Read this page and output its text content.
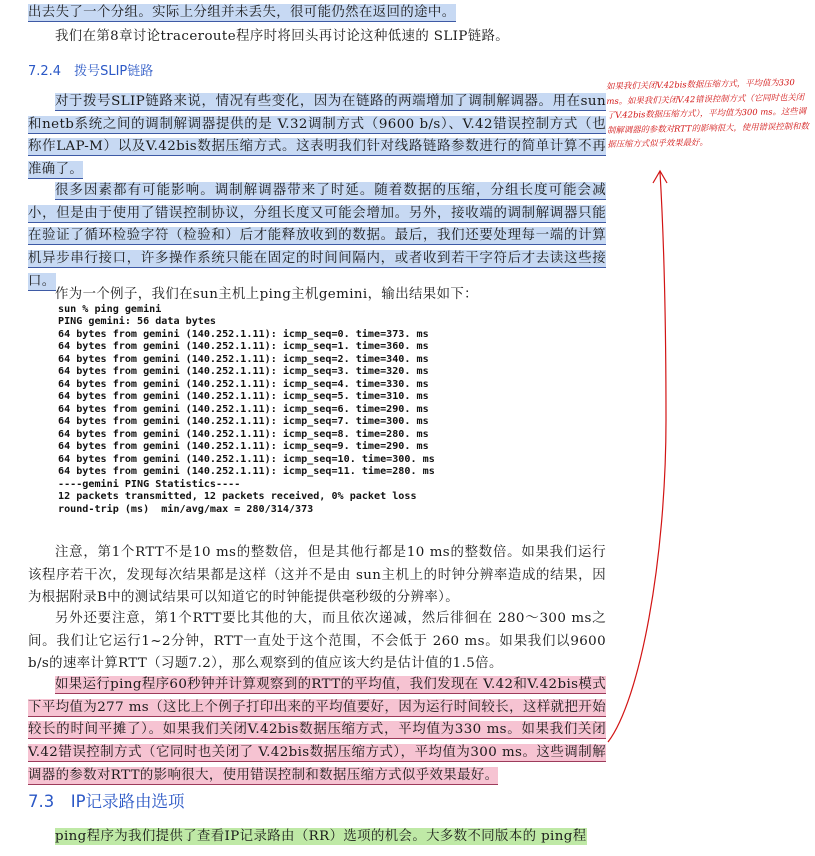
出去失了一个分组。实际上分组并未丢失，很可能仍然在返回的途中。

我们在第8章讨论traceroute程序时将回头再讨论这种低速的 SLIP链路。

7.2.4　拨号SLIP链路

对于拨号SLIP链路来说，情况有些变化，因为在链路的两端增加了调制解调器。用在sun和netb系统之间的调制解调器提供的是 V.32调制方式（9600 b/s）、V.42错误控制方式（也称作LAP-M）以及V.42bis数据压缩方式。这表明我们针对线路链路参数进行的简单计算不再准确了。

很多因素都有可能影响。调制解调器带来了时延。随着数据的压缩，分组长度可能会减小，但是由于使用了错误控制协议，分组长度又可能会增加。另外，接收端的调制解调器只能在验证了循环检验字符（检验和）后才能释放收到的数据。最后，我们还要处理每一端的计算机异步串行接口，许多操作系统只能在固定的时间间隔内，或者收到若干字符后才去读这些接口。

作为一个例子，我们在sun主机上ping主机gemini，输出结果如下：

sun % ping gemini
PING gemini: 56 data bytes
64 bytes from gemini (140.252.1.11): icmp_seq=0. time=373. ms
64 bytes from gemini (140.252.1.11): icmp_seq=1. time=360. ms
64 bytes from gemini (140.252.1.11): icmp_seq=2. time=340. ms
64 bytes from gemini (140.252.1.11): icmp_seq=3. time=320. ms
64 bytes from gemini (140.252.1.11): icmp_seq=4. time=330. ms
64 bytes from gemini (140.252.1.11): icmp_seq=5. time=310. ms
64 bytes from gemini (140.252.1.11): icmp_seq=6. time=290. ms
64 bytes from gemini (140.252.1.11): icmp_seq=7. time=300. ms
64 bytes from gemini (140.252.1.11): icmp_seq=8. time=280. ms
64 bytes from gemini (140.252.1.11): icmp_seq=9. time=290. ms
64 bytes from gemini (140.252.1.11): icmp_seq=10. time=300. ms
64 bytes from gemini (140.252.1.11): icmp_seq=11. time=280. ms
----gemini PING Statistics----
12 packets transmitted, 12 packets received, 0% packet loss
round-trip (ms)  min/avg/max = 280/314/373

注意，第1个RTT不是10 ms的整数倍，但是其他行都是10 ms的整数倍。如果我们运行该程序若干次，发现每次结果都是这样（这并不是由 sun主机上的时钟分辨率造成的结果，因为根据附录B中的测试结果可以知道它的时钟能提供毫秒级的分辨率）。

另外还要注意，第1个RTT要比其他的大，而且依次递减，然后徘徊在 280～300 ms之间。我们让它运行1~2分钟，RTT一直处于这个范围，不会低于 260 ms。如果我们以9600 b/s的速率计算RTT（习题7.2），那么观察到的值应该大约是估计值的1.5倍。

如果运行ping程序60秒钟并计算观察到的RTT的平均值，我们发现在 V.42和V.42bis模式下平均值为277 ms（这比上个例子打印出来的平均值要好，因为运行时间较长，这样就把开始较长的时间平摊了）。如果我们关闭V.42bis数据压缩方式，平均值为330 ms。如果我们关闭V.42错误控制方式（它同时也关闭了 V.42bis数据压缩方式），平均值为300 ms。这些调制解调器的参数对RTT的影响很大，使用错误控制和数据压缩方式似乎效果最好。

7.3　IP记录路由选项

ping程序为我们提供了查看IP记录路由（RR）选项的机会。大多数不同版本的 ping程

如果我们关闭V.42bis数据压缩方式，平均值为330 ms。如果我们关闭V.42错误控制方式（它同时也关闭了V.42bis数据压缩方式），平均值为300 ms。这些调制解调器的参数对RTT的影响很大，使用错误控制和数据压缩方式似乎效果最好。
